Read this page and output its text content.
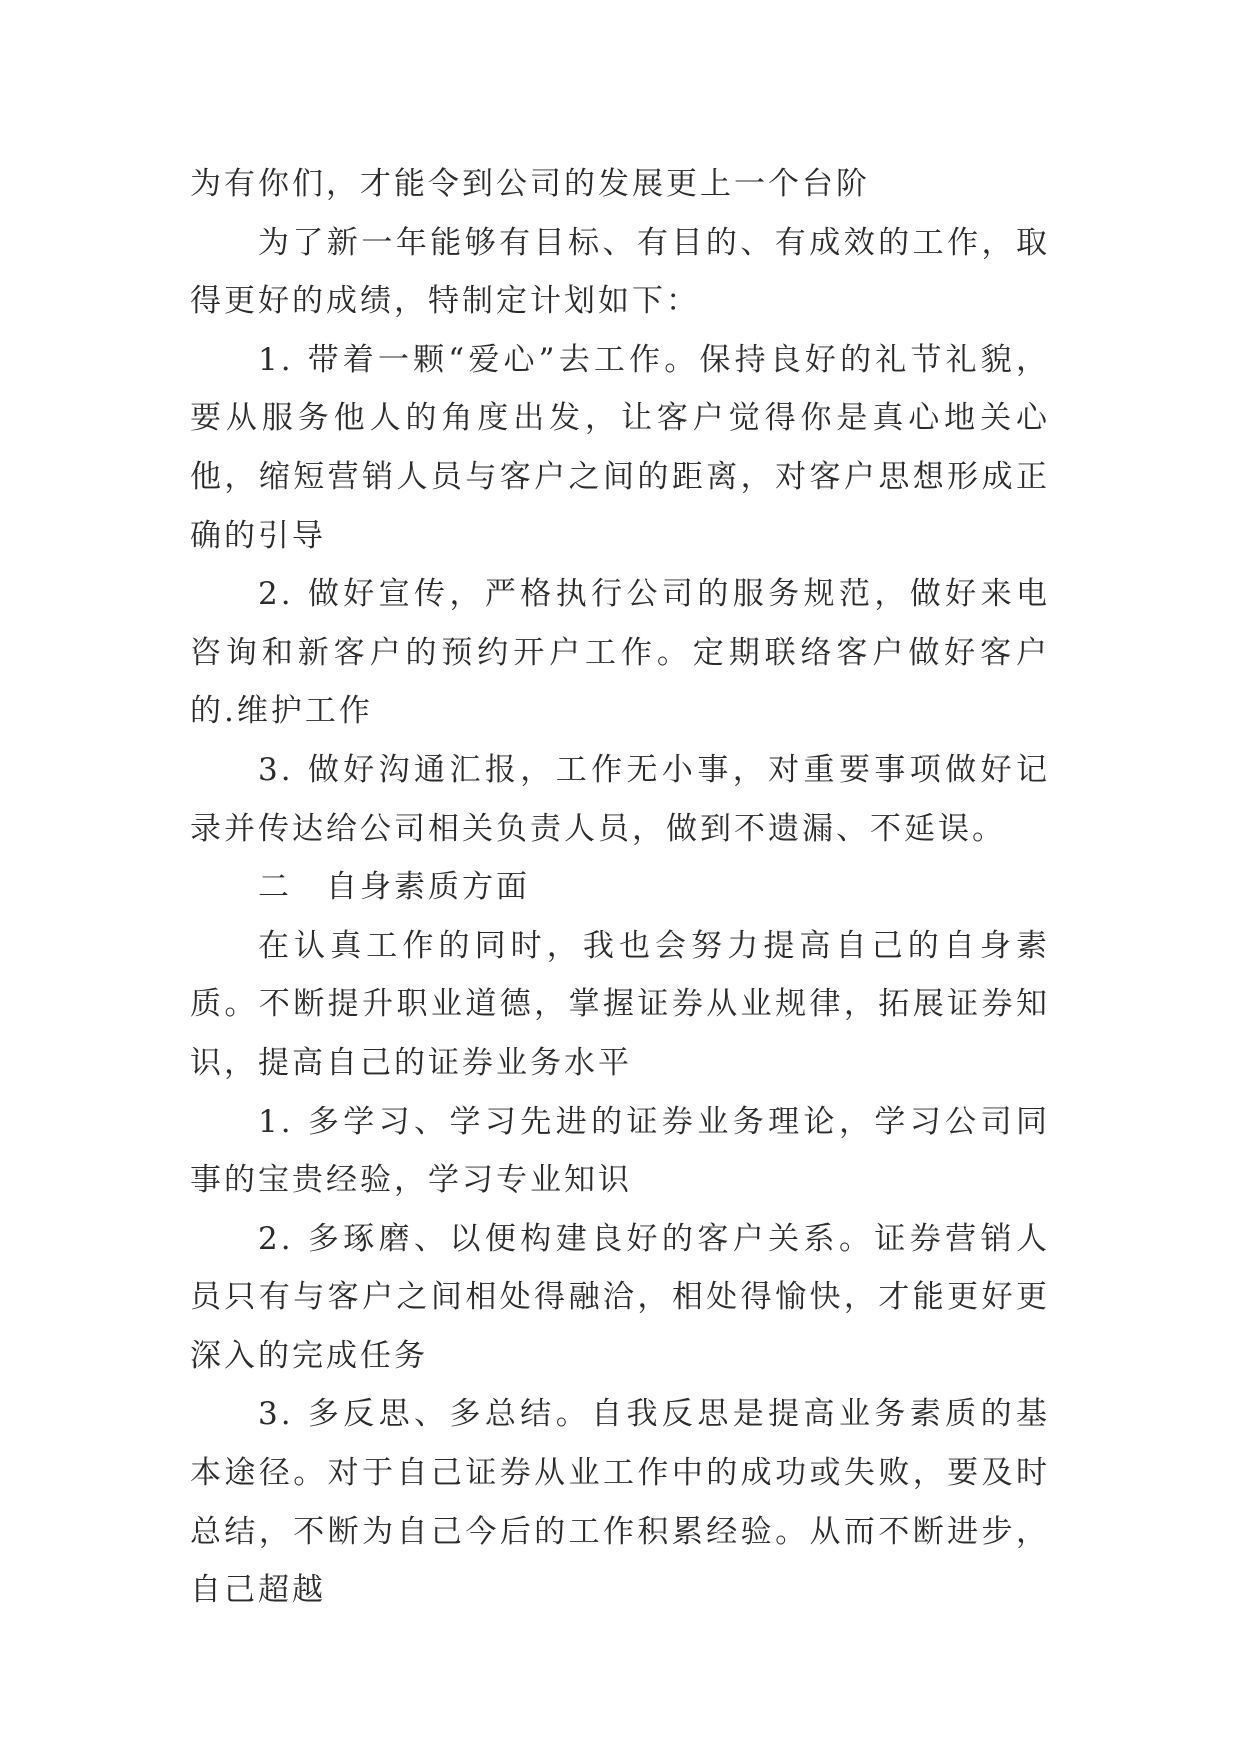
为有你们，才能令到公司的发展更上一个台阶

为了新一年能够有目标、有目的、有成效的工作，取得更好的成绩，特制定计划如下：

1. 带着一颗“爱心”去工作。保持良好的礼节礼貌，要从服务他人的角度出发，让客户觉得你是真心地关心他，缩短营销人员与客户之间的距离，对客户思想形成正确的引导

2. 做好宣传，严格执行公司的服务规范，做好来电咨询和新客户的预约开户工作。定期联络客户做好客户的.维护工作

3. 做好沟通汇报，工作无小事，对重要事项做好记录并传达给公司相关负责人员，做到不遗漏、不延误。

二　自身素质方面

在认真工作的同时，我也会努力提高自己的自身素质。不断提升职业道德，掌握证券从业规律，拓展证券知识，提高自己的证券业务水平

1. 多学习、学习先进的证券业务理论，学习公司同事的宝贵经验，学习专业知识

2. 多琢磨、以便构建良好的客户关系。证券营销人员只有与客户之间相处得融洽，相处得愉快，才能更好更深入的完成任务

3. 多反思、多总结。自我反思是提高业务素质的基本途径。对于自己证券从业工作中的成功或失败，要及时总结，不断为自己今后的工作积累经验。从而不断进步，自己超越
